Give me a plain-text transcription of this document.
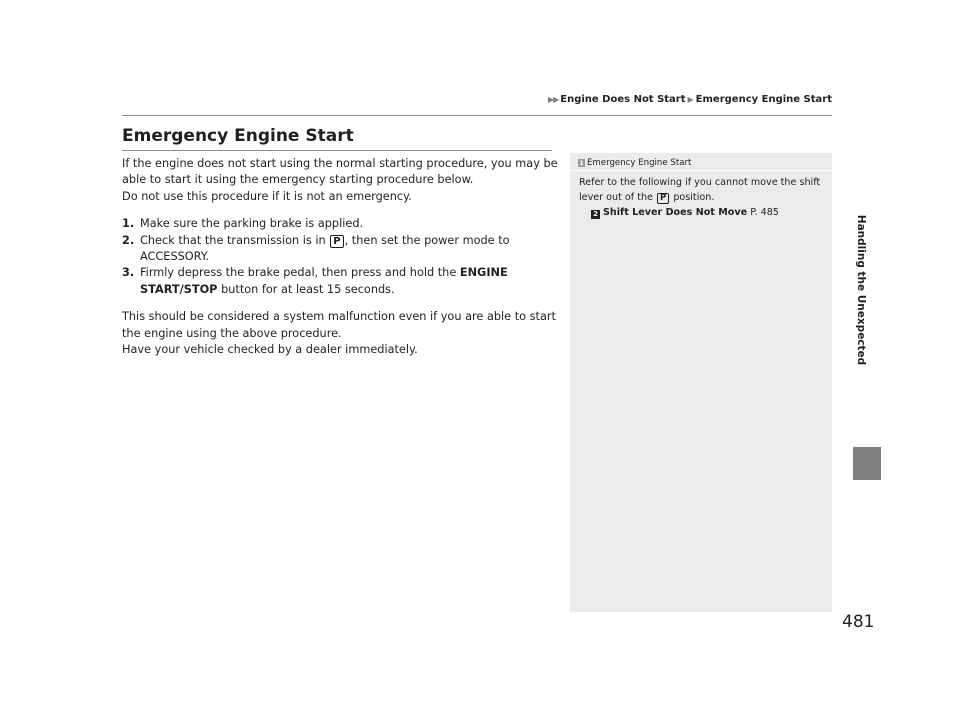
▶▶ Engine Does Not Start ▶ Emergency Engine Start
Emergency Engine Start

If the engine does not start using the normal starting procedure, you may be able to start it using the emergency starting procedure below.

Do not use this procedure if it is not an emergency.

1. Make sure the parking brake is applied.
2. Check that the transmission is in P , then set the power mode to ACCESSORY.
3. Firmly depress the brake pedal, then press and hold the ENGINE START/STOP button for at least 15 seconds.

This should be considered a system malfunction even if you are able to start the engine using the above procedure.

Have your vehicle checked by a dealer immediately.

1 Emergency Engine Start

Refer to the following if you cannot move the shift lever out of the P position.

2 Shift Lever Does Not Move P. 485

Handling the Unexpected
481
